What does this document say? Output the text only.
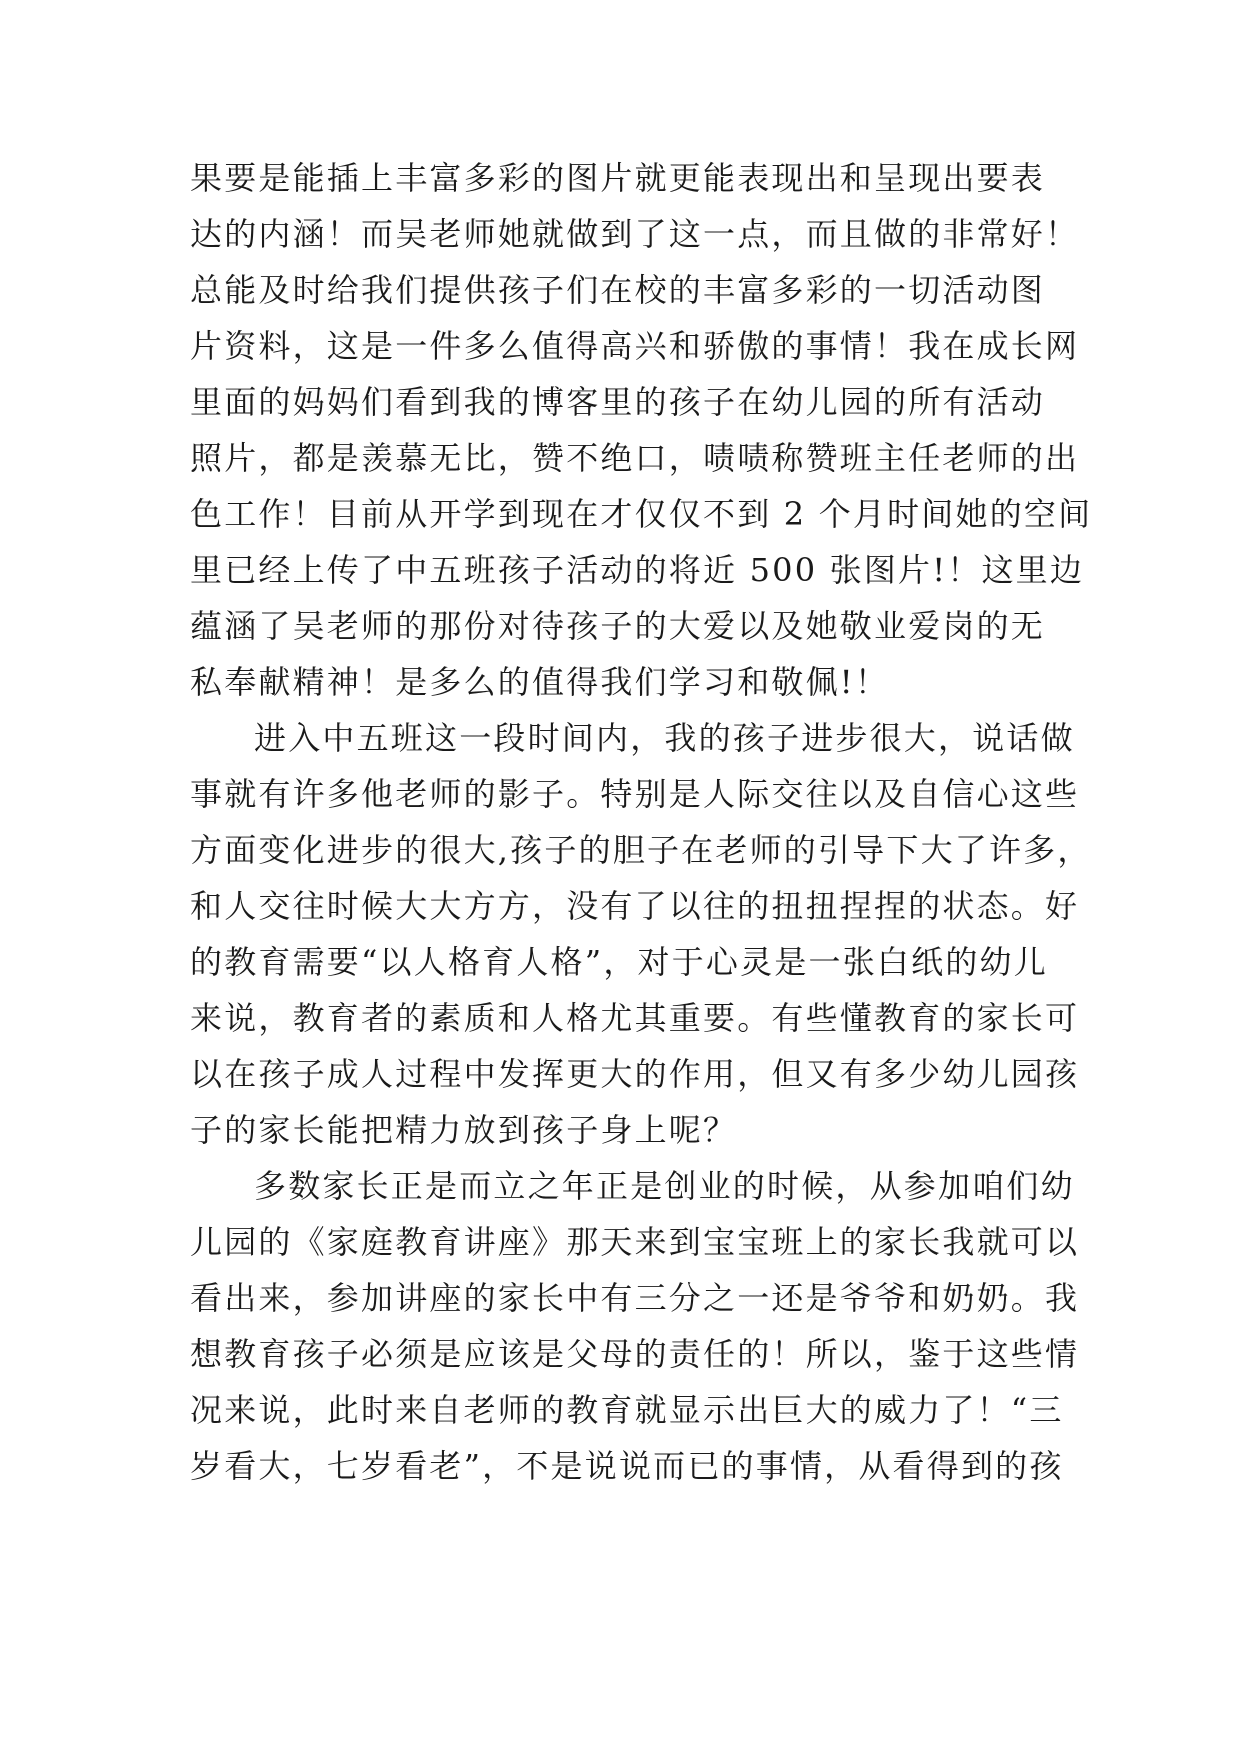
果要是能插上丰富多彩的图片就更能表现出和呈现出要表
达的内涵！而吴老师她就做到了这一点，而且做的非常好！
总能及时给我们提供孩子们在校的丰富多彩的一切活动图
片资料，这是一件多么值得高兴和骄傲的事情！我在成长网
里面的妈妈们看到我的博客里的孩子在幼儿园的所有活动
照片，都是羡慕无比，赞不绝口，啧啧称赞班主任老师的出
色工作！目前从开学到现在才仅仅不到 2 个月时间她的空间
里已经上传了中五班孩子活动的将近 500 张图片!！这里边
蕴涵了吴老师的那份对待孩子的大爱以及她敬业爱岗的无
私奉献精神！是多么的值得我们学习和敬佩!！
进入中五班这一段时间内，我的孩子进步很大，说话做
事就有许多他老师的影子。特别是人际交往以及自信心这些
方面变化进步的很大,孩子的胆子在老师的引导下大了许多，
和人交往时候大大方方，没有了以往的扭扭捏捏的状态。好
的教育需要“以人格育人格”，对于心灵是一张白纸的幼儿
来说，教育者的素质和人格尤其重要。有些懂教育的家长可
以在孩子成人过程中发挥更大的作用，但又有多少幼儿园孩
子的家长能把精力放到孩子身上呢？
多数家长正是而立之年正是创业的时候，从参加咱们幼
儿园的《家庭教育讲座》那天来到宝宝班上的家长我就可以
看出来，参加讲座的家长中有三分之一还是爷爷和奶奶。我
想教育孩子必须是应该是父母的责任的！所以，鉴于这些情
况来说，此时来自老师的教育就显示出巨大的威力了！“三
岁看大，七岁看老”，不是说说而已的事情，从看得到的孩
